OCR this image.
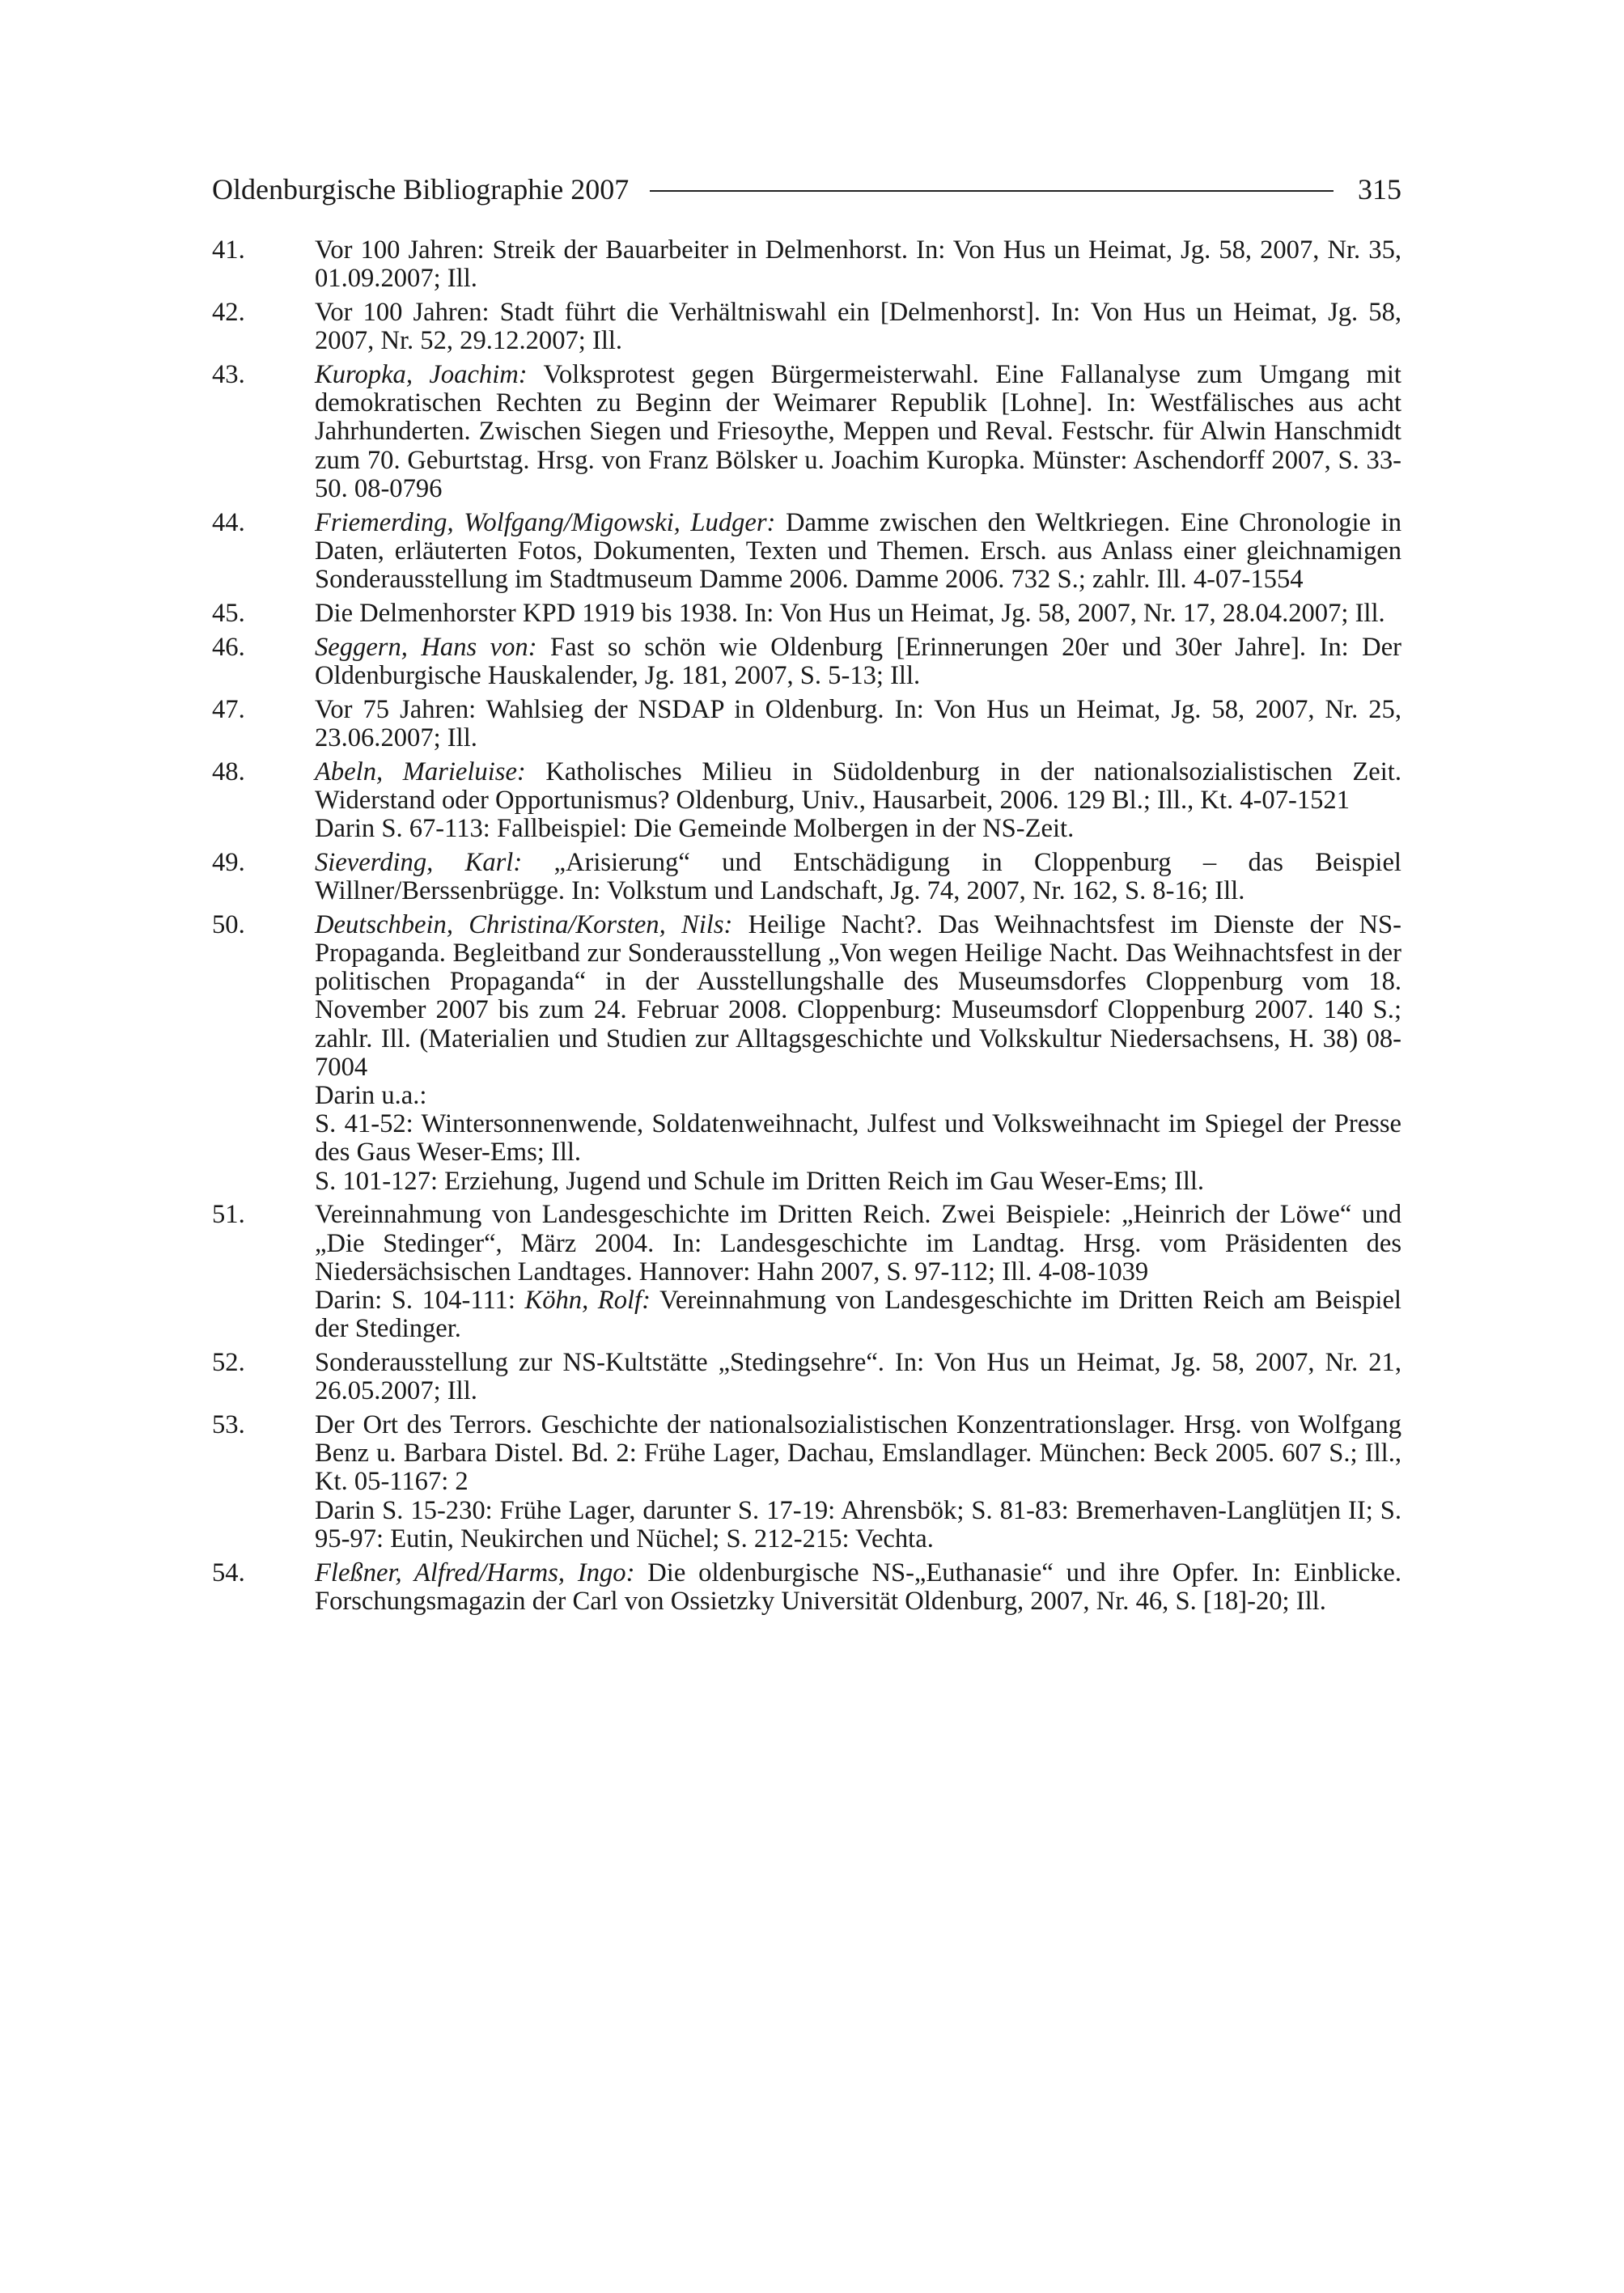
Oldenburgische Bibliographie 2007	315
41.	Vor 100 Jahren: Streik der Bauarbeiter in Delmenhorst. In: Von Hus un Heimat, Jg. 58, 2007, Nr. 35, 01.09.2007; Ill.
42.	Vor 100 Jahren: Stadt führt die Verhältniswahl ein [Delmenhorst]. In: Von Hus un Heimat, Jg. 58, 2007, Nr. 52, 29.12.2007; Ill.
43.	Kuropka, Joachim: Volksprotest gegen Bürgermeisterwahl. Eine Fallanalyse zum Umgang mit demokratischen Rechten zu Beginn der Weimarer Republik [Lohne]. In: Westfälisches aus acht Jahrhunderten. Zwischen Siegen und Friesoythe, Meppen und Reval. Festschr. für Alwin Hanschmidt zum 70. Geburtstag. Hrsg. von Franz Bölsker u. Joachim Kuropka. Münster: Aschendorff 2007, S. 33-50. 08-0796
44.	Friemerding, Wolfgang/Migowski, Ludger: Damme zwischen den Weltkriegen. Eine Chronologie in Daten, erläuterten Fotos, Dokumenten, Texten und Themen. Ersch. aus Anlass einer gleichnamigen Sonderausstellung im Stadtmuseum Damme 2006. Damme 2006. 732 S.; zahlr. Ill. 4-07-1554
45.	Die Delmenhorster KPD 1919 bis 1938. In: Von Hus un Heimat, Jg. 58, 2007, Nr. 17, 28.04.2007; Ill.
46.	Seggern, Hans von: Fast so schön wie Oldenburg [Erinnerungen 20er und 30er Jahre]. In: Der Oldenburgische Hauskalender, Jg. 181, 2007, S. 5-13; Ill.
47.	Vor 75 Jahren: Wahlsieg der NSDAP in Oldenburg. In: Von Hus un Heimat, Jg. 58, 2007, Nr. 25, 23.06.2007; Ill.
48.	Abeln, Marieluise: Katholisches Milieu in Südoldenburg in der nationalsozialistischen Zeit. Widerstand oder Opportunismus? Oldenburg, Univ., Hausarbeit, 2006. 129 Bl.; Ill., Kt. 4-07-1521
Darin S. 67-113: Fallbeispiel: Die Gemeinde Molbergen in der NS-Zeit.
49.	Sieverding, Karl: „Arisierung“ und Entschädigung in Cloppenburg – das Beispiel Willner/Berssenbrügge. In: Volkstum und Landschaft, Jg. 74, 2007, Nr. 162, S. 8-16; Ill.
50.	Deutschbein, Christina/Korsten, Nils: Heilige Nacht?. Das Weihnachtsfest im Dienste der NS-Propaganda. Begleitband zur Sonderausstellung „Von wegen Heilige Nacht. Das Weihnachtsfest in der politischen Propaganda“ in der Ausstellungshalle des Museumsdorfes Cloppenburg vom 18. November 2007 bis zum 24. Februar 2008. Cloppenburg: Museumsdorf Cloppenburg 2007. 140 S.; zahlr. Ill. (Materialien und Studien zur Alltagsgeschichte und Volkskultur Niedersachsens, H. 38) 08-7004
Darin u.a.:
S. 41-52: Wintersonnenwende, Soldatenweihnacht, Julfest und Volksweihnacht im Spiegel der Presse des Gaus Weser-Ems; Ill.
S. 101-127: Erziehung, Jugend und Schule im Dritten Reich im Gau Weser-Ems; Ill.
51.	Vereinnahmung von Landesgeschichte im Dritten Reich. Zwei Beispiele: „Heinrich der Löwe“ und „Die Stedinger“, März 2004. In: Landesgeschichte im Landtag. Hrsg. vom Präsidenten des Niedersächsischen Landtages. Hannover: Hahn 2007, S. 97-112; Ill. 4-08-1039
Darin: S. 104-111: Köhn, Rolf: Vereinnahmung von Landesgeschichte im Dritten Reich am Beispiel der Stedinger.
52.	Sonderausstellung zur NS-Kultstätte „Stedingsehre“. In: Von Hus un Heimat, Jg. 58, 2007, Nr. 21, 26.05.2007; Ill.
53.	Der Ort des Terrors. Geschichte der nationalsozialistischen Konzentrationslager. Hrsg. von Wolfgang Benz u. Barbara Distel. Bd. 2: Frühe Lager, Dachau, Emslandlager. München: Beck 2005. 607 S.; Ill., Kt. 05-1167: 2
Darin S. 15-230: Frühe Lager, darunter S. 17-19: Ahrensbök; S. 81-83: Bremerhaven-Langlütjen II; S. 95-97: Eutin, Neukirchen und Nüchel; S. 212-215: Vechta.
54.	Fleßner, Alfred/Harms, Ingo: Die oldenburgische NS-„Euthanasie“ und ihre Opfer. In: Einblicke. Forschungsmagazin der Carl von Ossietzky Universität Oldenburg, 2007, Nr. 46, S. [18]-20; Ill.
